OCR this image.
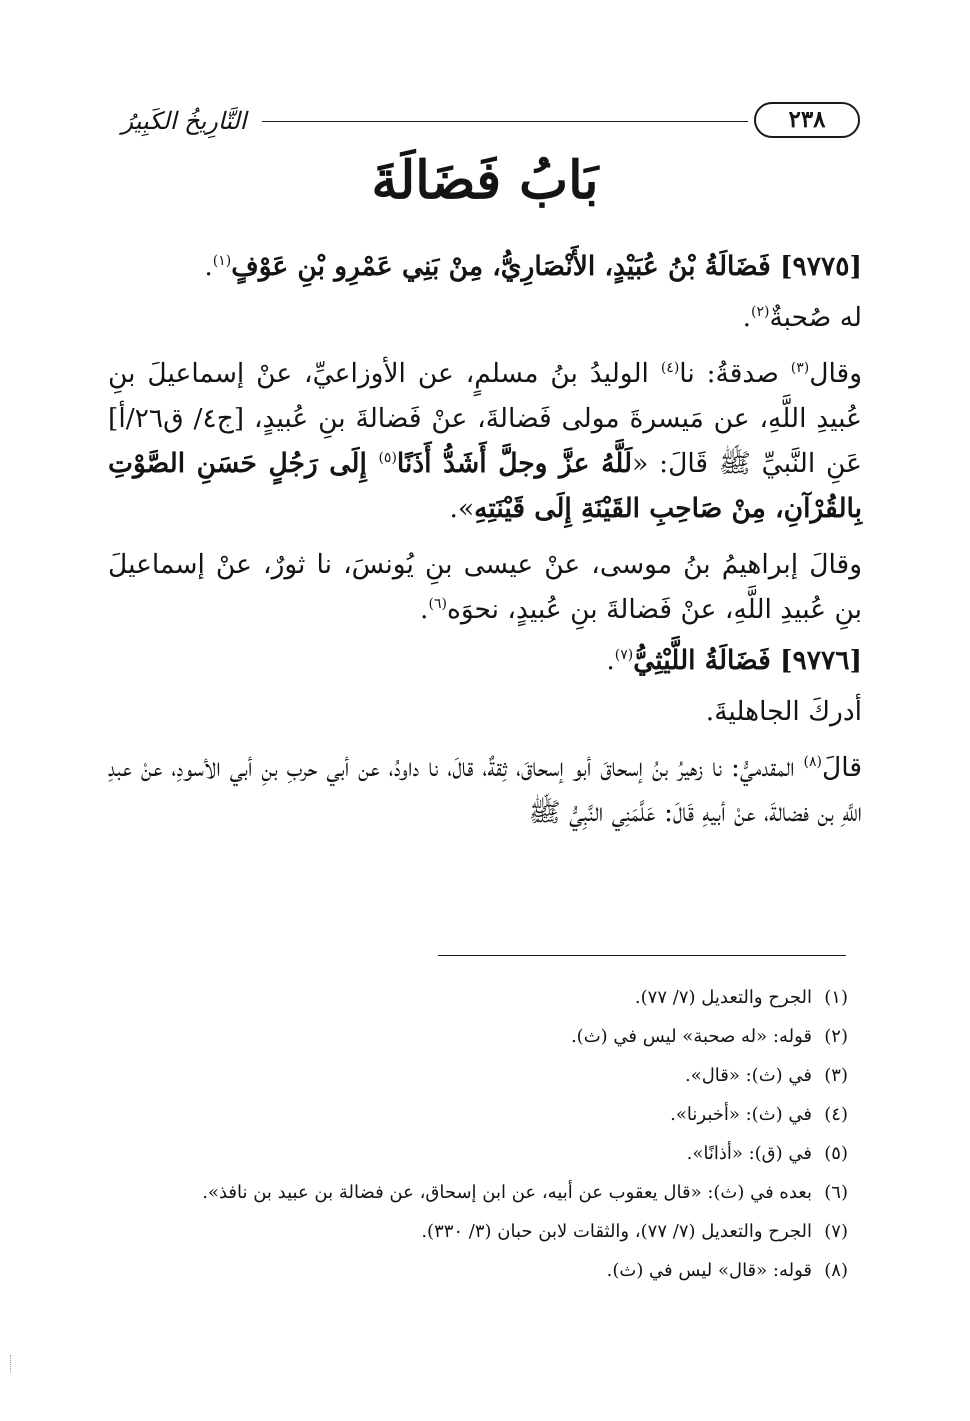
٢٣٨
التَّارِيخُ الكَبِيرُ
بَابُ فَضَالَةَ

[٩٧٧٥] فَضَالَةُ بْنُ عُبَيْدٍ، الأَنْصَارِيُّ، مِنْ بَنِي عَمْرِو بْنِ عَوْفٍ$^{(١)}$.

له صُحبةٌ$^{(٢)}$.

وقال$^{(٣)}$ صدقةُ: نا$^{(٤)}$ الوليدُ بنُ مسلمٍ، عن الأوزاعيِّ، عنْ إسماعيلَ بنِ عُبيدِ اللَّهِ، عن مَيسرةَ مولى فَضالةَ، عنْ فَضالةَ بنِ عُبيدٍ، [ج٤/ ق٢٦/أ] عَنِ النَّبيِّ ﷺ قَالَ: «لَلَّهُ عزَّ وجلَّ أَشَدُّ أَذَنًا$^{(٥)}$ إِلَى رَجُلٍ حَسَنِ الصَّوْتِ بِالقُرْآنِ، مِنْ صَاحِبِ القَيْنَةِ إِلَى قَيْنَتِهِ».

وقالَ إبراهيمُ بنُ موسى، عنْ عيسى بنِ يُونسَ، نا ثورٌ، عنْ إسماعيلَ بنِ عُبيدِ اللَّهِ، عنْ فَضالةَ بنِ عُبيدٍ، نحوَه$^{(٦)}$.

[٩٧٧٦] فَضَالَةُ اللَّيْثِيُّ$^{(٧)}$.

أدركَ الجاهليةَ.

قالَ$^{(٨)}$ المقدميُّ: نا زهيرُ بنُ إسحاقَ أبو إسحاقَ، ثِقةٌ، قالَ، نا داودُ، عن أبي حربِ بنِ أبي الأسودِ، عنْ عبدِ اللَّهِ بن فضالةَ، عنْ أبيهِ قَالَ: عَلَّمَنِي النَّبِيُّ ﷺ

(١)الجرح والتعديل (٧/ ٧٧).
(٢)قوله: «له صحبة» ليس في (ث).
(٣)في (ث): «قال».
(٤)في (ث): «أخبرنا».
(٥)في (ق): «أذانًا».
(٦)بعده في (ث): «قال يعقوب عن أبيه، عن ابن إسحاق، عن فضالة بن عبيد بن نافذ».
(٧)الجرح والتعديل (٧/ ٧٧)، والثقات لابن حبان (٣/ ٣٣٠).
(٨)قوله: «قال» ليس في (ث).
